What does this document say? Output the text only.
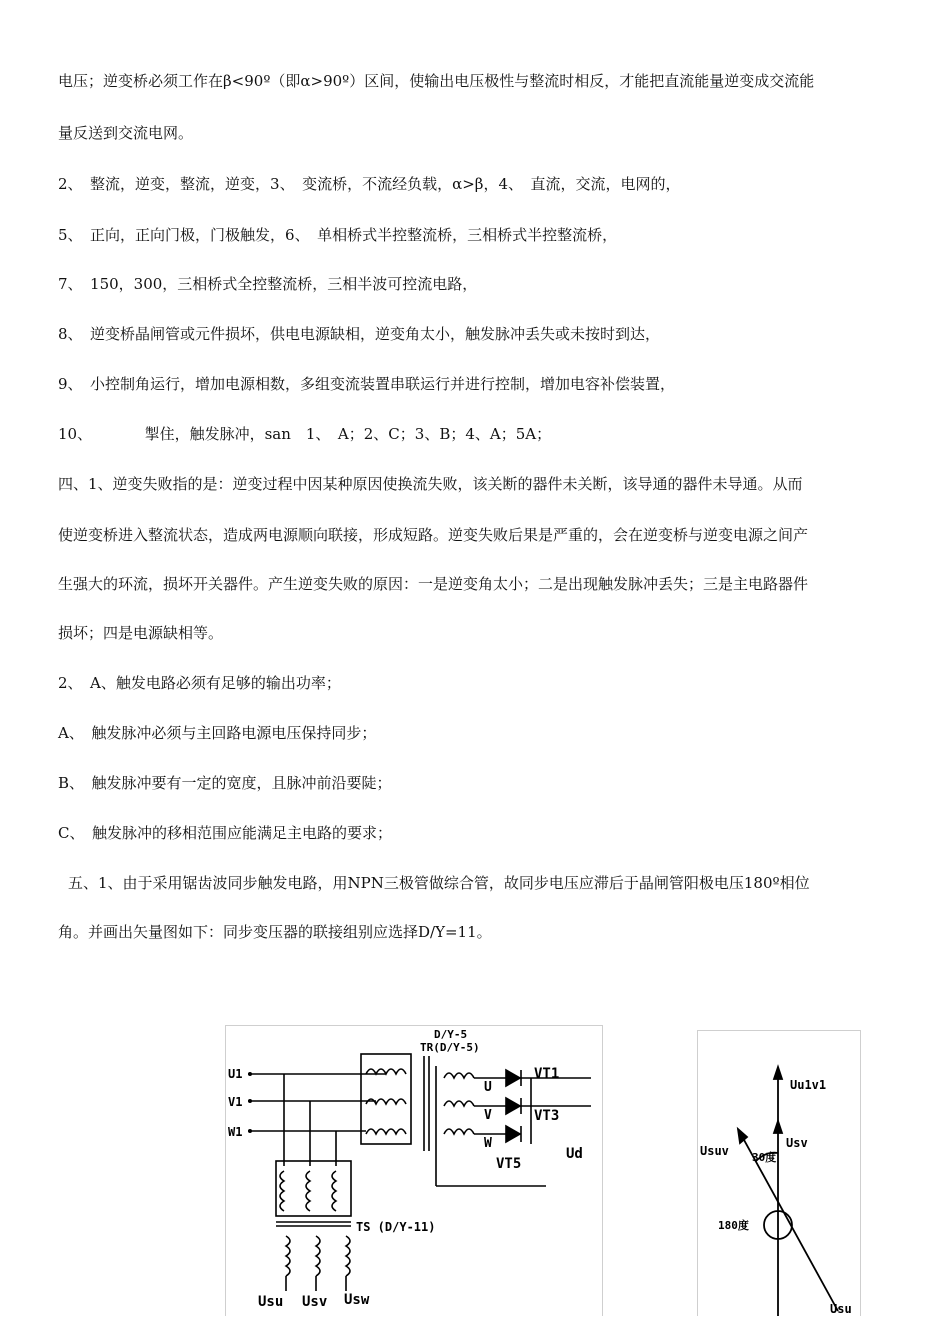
电压；逆变桥必须工作在β<90º（即α>90º）区间，使输出电压极性与整流时相反，才能把直流能量逆变成交流能
量反送到交流电网。
2、　整流，逆变，整流，逆变，3、　变流桥，不流经负载，α>β，4、　直流，交流，电网的，
5、　正向，正向门极，门极触发，6、　单相桥式半控整流桥，三相桥式半控整流桥，
7、　150，300，三相桥式全控整流桥，三相半波可控流电路，
8、　逆变桥晶闸管或元件损坏，供电电源缺相，逆变角太小，触发脉冲丢失或未按时到达，
9、　小控制角运行，增加电源相数，多组变流装置串联运行并进行控制，增加电容补偿装置，
10、　　　　掣住，触发脉冲，san　1、　A；2、C；3、B；4、A；5A；
四、1、逆变失败指的是：逆变过程中因某种原因使换流失败，该关断的器件未关断，该导通的器件未导通。从而
使逆变桥进入整流状态，造成两电源顺向联接，形成短路。逆变失败后果是严重的，会在逆变桥与逆变电源之间产
生强大的环流，损坏开关器件。产生逆变失败的原因：一是逆变角太小；二是出现触发脉冲丢失；三是主电路器件
损坏；四是电源缺相等。
2、　A、触发电路必须有足够的输出功率；
A、　触发脉冲必须与主回路电源电压保持同步；
B、　触发脉冲要有一定的宽度，且脉冲前沿要陡；
C、　触发脉冲的移相范围应能满足主电路的要求；
五、1、由于采用锯齿波同步触发电路，用NPN三极管做综合管，故同步电压应滞后于晶闸管阳极电压180º相位
角。并画出矢量图如下：同步变压器的联接组别应选择D/Y=11。
D/Y-5
TR(D/Y-5)
U1
V1
W1
U
V
W
VT1
VT3
VT5
Ud
TS (D/Y-11)
Usu Usv Usw
Uu1v1
Usv
Usuv 30度
180度
Usu
